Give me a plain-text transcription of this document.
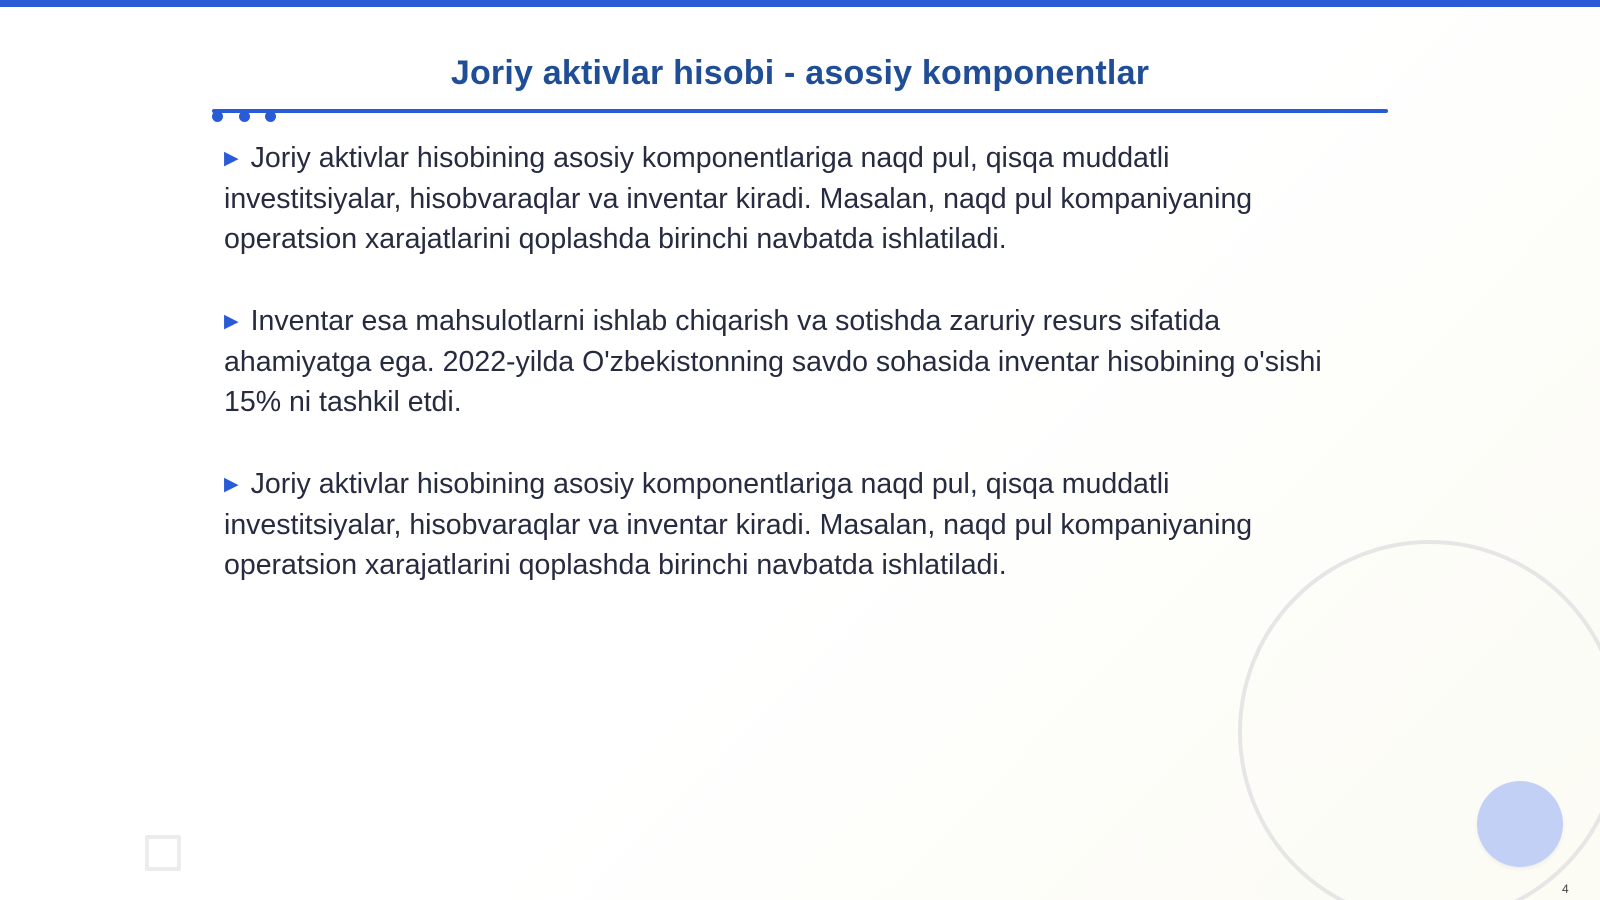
Joriy aktivlar hisobi - asosiy komponentlar

▶ Joriy aktivlar hisobining asosiy komponentlariga naqd pul, qisqa muddatli investitsiyalar, hisobvaraqlar va inventar kiradi. Masalan, naqd pul kompaniyaning operatsion xarajatlarini qoplashda birinchi navbatda ishlatiladi.

▶ Inventar esa mahsulotlarni ishlab chiqarish va sotishda zaruriy resurs sifatida ahamiyatga ega. 2022-yilda O'zbekistonning savdo sohasida inventar hisobining o'sishi 15% ni tashkil etdi.

▶ Joriy aktivlar hisobining asosiy komponentlariga naqd pul, qisqa muddatli investitsiyalar, hisobvaraqlar va inventar kiradi. Masalan, naqd pul kompaniyaning operatsion xarajatlarini qoplashda birinchi navbatda ishlatiladi.

4
